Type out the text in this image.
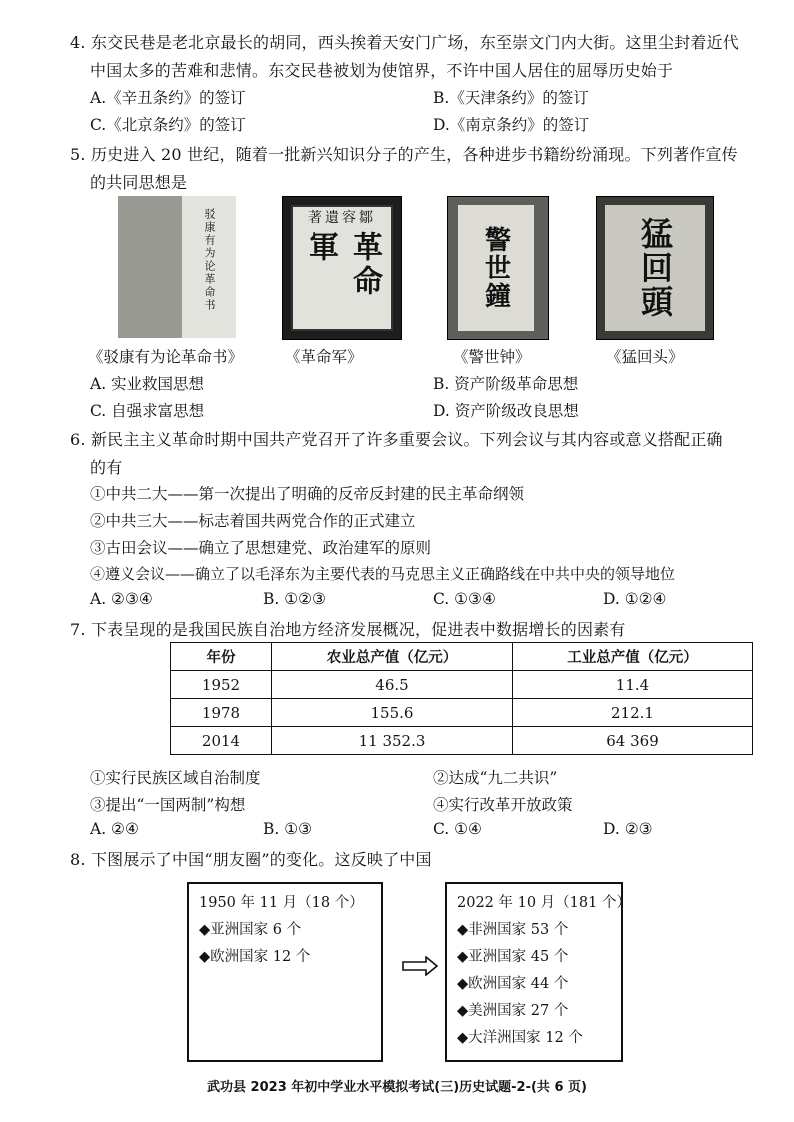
4. 东交民巷是老北京最长的胡同，西头挨着天安门广场，东至崇文门内大街。这里尘封着近代
中国太多的苦难和悲情。东交民巷被划为使馆界，不许中国人居住的屈辱历史始于
A.《辛丑条约》的签订	B.《天津条约》的签订
C.《北京条约》的签订	D.《南京条约》的签订
5. 历史进入 20 世纪，随着一批新兴知识分子的产生，各种进步书籍纷纷涌现。下列著作宣传
的共同思想是
驳康有为论革命书	著遺容鄒
革命軍	警世鐘	猛回頭
《驳康有为论革命书》	《革命军》	《警世钟》	《猛回头》
A. 实业救国思想	B. 资产阶级革命思想
C. 自强求富思想	D. 资产阶级改良思想
6. 新民主主义革命时期中国共产党召开了许多重要会议。下列会议与其内容或意义搭配正确
的有
①中共二大——第一次提出了明确的反帝反封建的民主革命纲领
②中共三大——标志着国共两党合作的正式建立
③古田会议——确立了思想建党、政治建军的原则
④遵义会议——确立了以毛泽东为主要代表的马克思主义正确路线在中共中央的领导地位
A. ②③④	B. ①②③	C. ①③④	D. ①②④
7. 下表呈现的是我国民族自治地方经济发展概况，促进表中数据增长的因素有
年份	农业总产值（亿元）	工业总产值（亿元）
1952	46.5	11.4
1978	155.6	212.1
2014	11 352.3	64 369
①实行民族区域自治制度	②达成“九二共识”
③提出“一国两制”构想	④实行改革开放政策
A. ②④	B. ①③	C. ①④	D. ②③
8. 下图展示了中国“朋友圈”的变化。这反映了中国
1950 年 11 月（18 个）
◆亚洲国家 6 个
◆欧洲国家 12 个
2022 年 10 月（181 个）
◆非洲国家 53 个
◆亚洲国家 45 个
◆欧洲国家 44 个
◆美洲国家 27 个
◆大洋洲国家 12 个
武功县 2023 年初中学业水平模拟考试(三)历史试题-2-(共 6 页)
